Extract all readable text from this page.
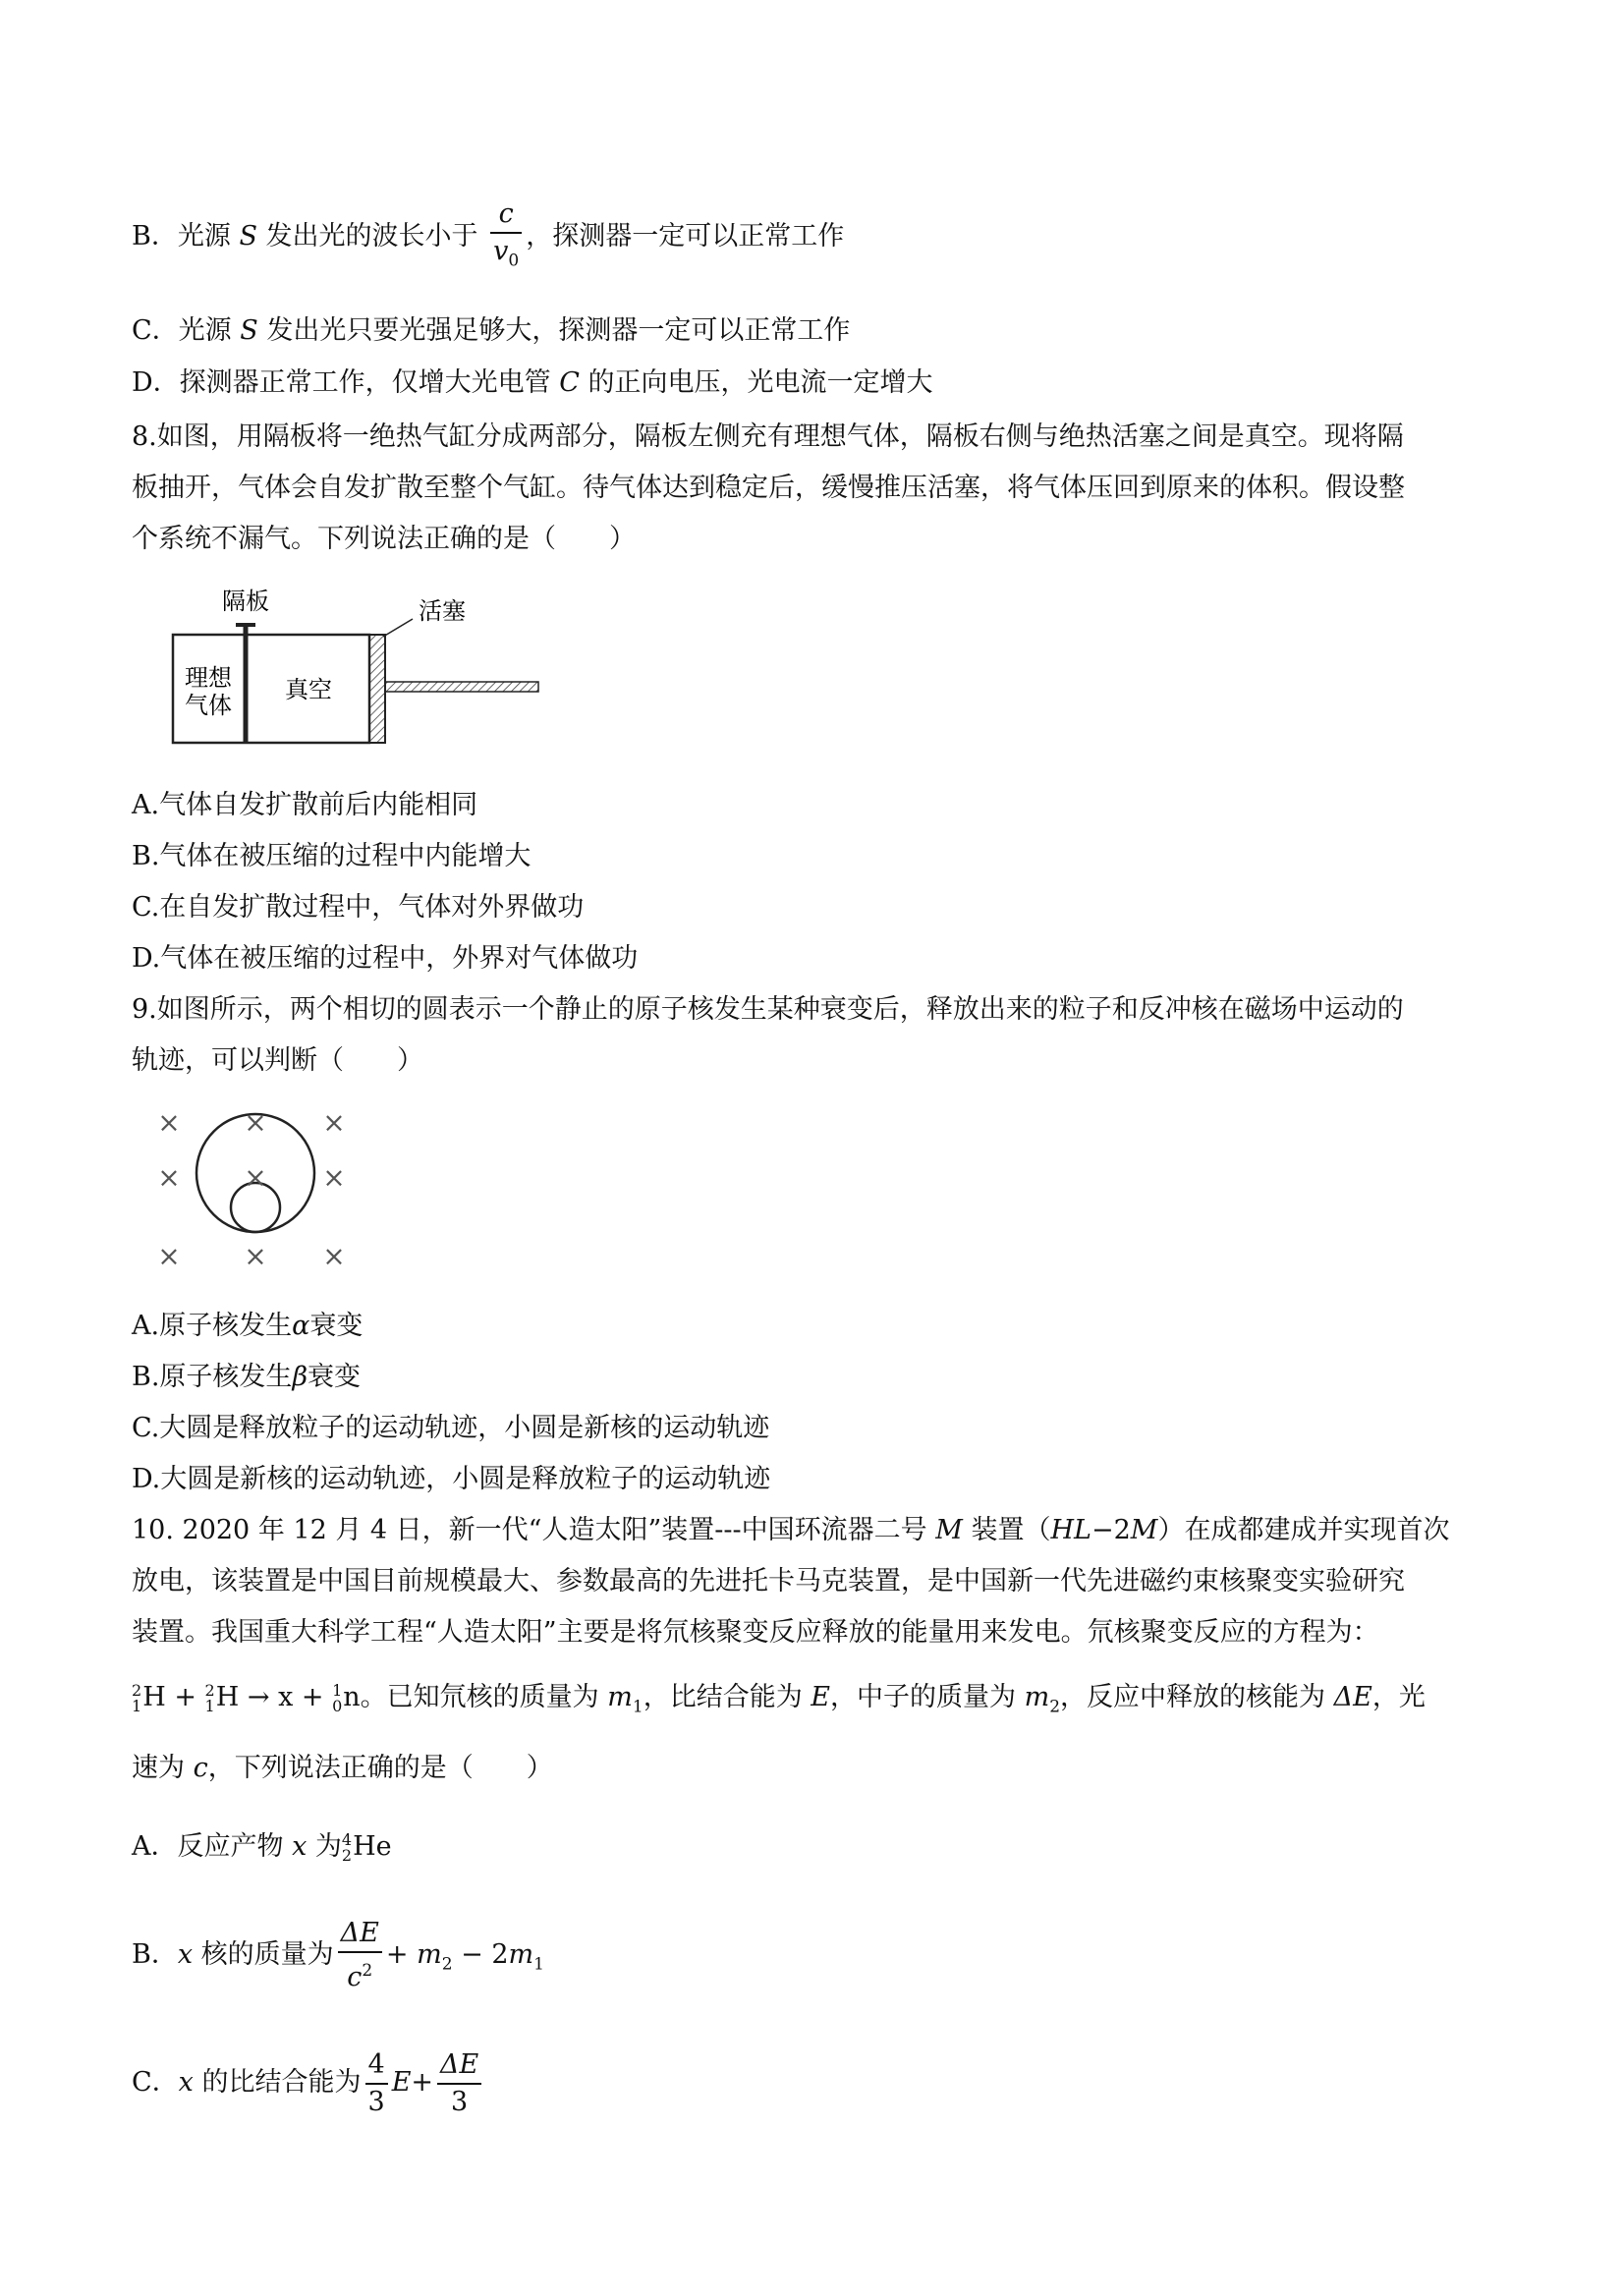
B．光源 S 发出光的波长小于 $\frac{c}{v_0}$ ，探测器一定可以正常工作
C．光源 S 发出光只要光强足够大，探测器一定可以正常工作
D．探测器正常工作，仅增大光电管 C 的正向电压，光电流一定增大
8.如图，用隔板将一绝热气缸分成两部分，隔板左侧充有理想气体，隔板右侧与绝热活塞之间是真空。现将隔
板抽开，气体会自发扩散至整个气缸。待气体达到稳定后，缓慢推压活塞，将气体压回到原来的体积。假设整
个系统不漏气。下列说法正确的是（　　）
隔板	活塞
理想
气体
真空
A.气体自发扩散前后内能相同
B.气体在被压缩的过程中内能增大
C.在自发扩散过程中，气体对外界做功
D.气体在被压缩的过程中，外界对气体做功
9.如图所示，两个相切的圆表示一个静止的原子核发生某种衰变后，释放出来的粒子和反冲核在磁场中运动的
轨迹，可以判断（　　）
× × ×
× × ×
× × ×
A.原子核发生α衰变
B.原子核发生β衰变
C.大圆是释放粒子的运动轨迹，小圆是新核的运动轨迹
D.大圆是新核的运动轨迹，小圆是释放粒子的运动轨迹
10. 2020 年 12 月 4 日，新一代“人造太阳”装置---中国环流器二号 M 装置（HL−2M）在成都建成并实现首次
放电，该装置是中国目前规模最大、参数最高的先进托卡马克装置，是中国新一代先进磁约束核聚变实验研究
装置。我国重大科学工程“人造太阳”主要是将氘核聚变反应释放的能量用来发电。氘核聚变反应的方程为：
2
1 H + 2
1 H → x + 1
0 n。已知氘核的质量为 $m_1$，比结合能为 E，中子的质量为 $m_2$，反应中释放的核能为 ΔE，光
速为 c，下列说法正确的是（　　）
A．反应产物 x 为 4
2 He
B．x 核的质量为 $\frac{\Delta E}{c^2} + m_2 - 2m_1$
C．x 的比结合能为 $\frac{4}{3} E+ \frac{\Delta E}{3}$
